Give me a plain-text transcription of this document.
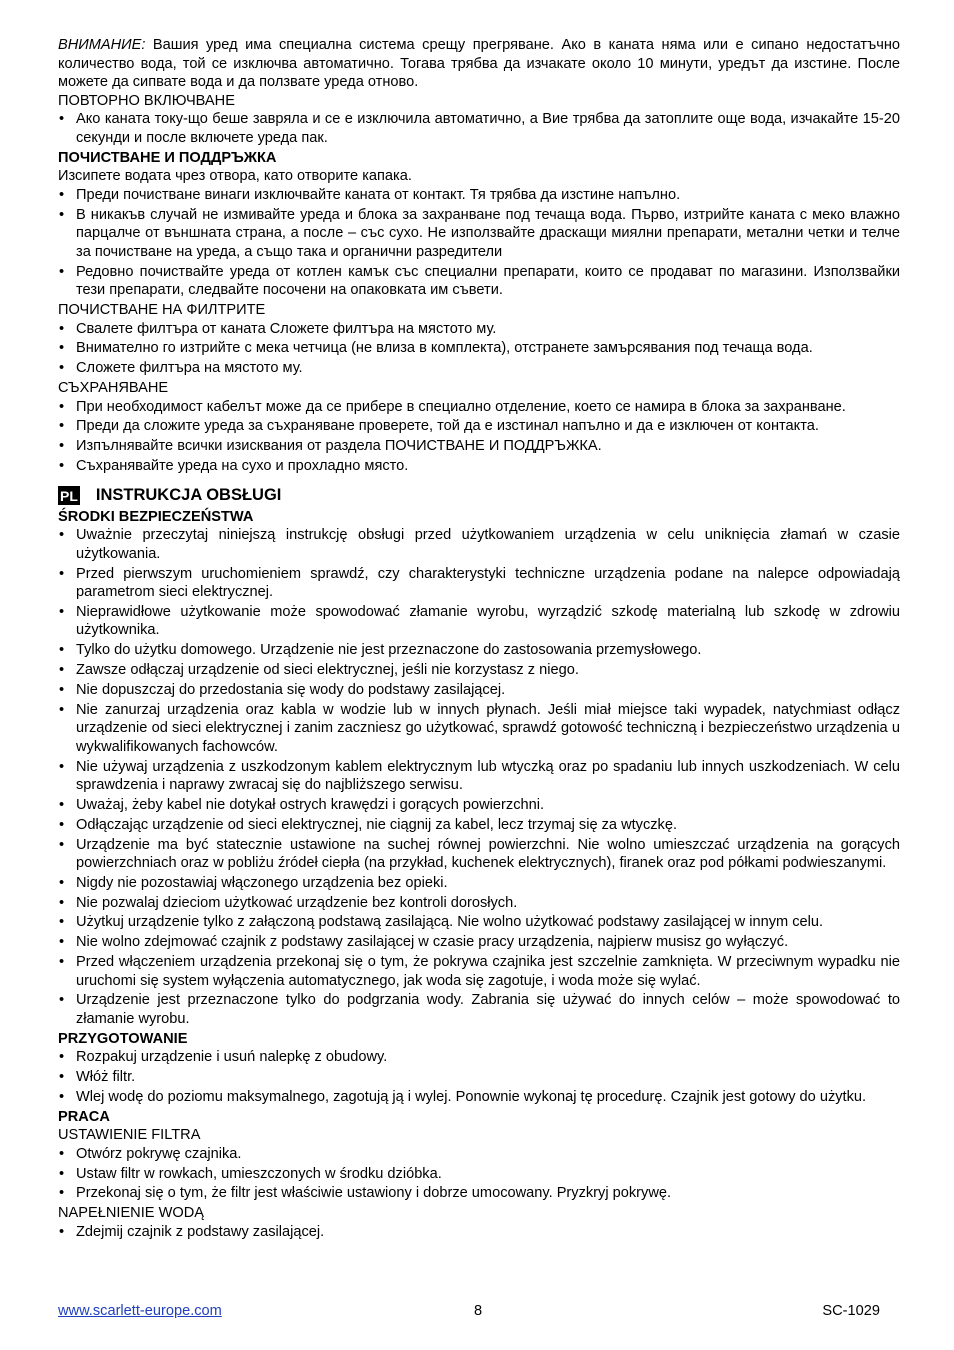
ВНИМАНИЕ: Вашия уред има специална система срещу прегряване. Ако в каната няма или е сипано недостатъчно количество вода, той се изключва автоматично. Тогава трябва да изчакате около 10 минути, уредът да изстине. После можете да сипвате вода и да ползвате уреда отново.

ПОВТОРНО ВКЛЮЧВАНЕ

• Ако каната току-що беше завряла и се е изключила автоматично, а Вие трябва да затоплите още вода, изчакайте 15-20 секунди и после включете уреда пак.

ПОЧИСТВАНЕ И ПОДДРЪЖКА

Изсипете водата чрез отвора, като отворите капака.

• Преди почистване винаги изключвайте каната от контакт. Тя трябва да изстине напълно.
• В никакъв случай не измивайте уреда и блока за захранване под течаща вода. Първо, изтрийте каната с меко влажно парцалче от външната страна, а после – със сухо. Не използвайте драскащи миялни препарати, метални четки и телче за почистване на уреда, а също така и органични разредители
• Редовно почиствайте уреда от котлен камък със специални препарати, които се продават по магазини. Използвайки тези препарати, следвайте посочени на опаковката им съвети.

ПОЧИСТВАНЕ НА ФИЛТРИТЕ

• Свалете филтъра от каната Сложете филтъра на мястото му.
• Внимателно го изтрийте с мека четчица (не влиза в комплекта), отстранете замърсявания под течаща вода.
• Сложете филтъра на мястото му.

СЪХРАНЯВАНЕ

• При необходимост кабелът може да се прибере в специално отделение, което се намира в блока за захранване.
• Преди да сложите уреда за съхраняване проверете, той да е изстинал напълно и да е изключен от контакта.
• Изпълнявайте всички изисквания от раздела ПОЧИСТВАНЕ И ПОДДРЪЖКА.
• Съхранявайте уреда на сухо и прохладно място.
PL INSTRUKCJA OBSŁUGI

ŚRODKI BEZPIECZEŃSTWA

• Uważnie przeczytaj niniejszą instrukcję obsługi przed użytkowaniem urządzenia w celu uniknięcia złamań w czasie użytkowania.
• Przed pierwszym uruchomieniem sprawdź, czy charakterystyki techniczne urządzenia podane na nalepce odpowiadają parametrom sieci elektrycznej.
• Nieprawidłowe użytkowanie może spowodować złamanie wyrobu, wyrządzić szkodę materialną lub szkodę w zdrowiu użytkownika.
• Tylko do użytku domowego. Urządzenie nie jest przeznaczone do zastosowania przemysłowego.
• Zawsze odłączaj urządzenie od sieci elektrycznej, jeśli nie korzystasz z niego.
• Nie dopuszczaj do przedostania się wody do podstawy zasilającej.
• Nie zanurzaj urządzenia oraz kabla w wodzie lub w innych płynach. Jeśli miał miejsce taki wypadek, natychmiast odłącz urządzenie od sieci elektrycznej i zanim zaczniesz go użytkować, sprawdź gotowość techniczną i bezpieczeństwo urządzenia u wykwalifikowanych fachowców.
• Nie używaj urządzenia z uszkodzonym kablem elektrycznym lub wtyczką oraz po spadaniu lub innych uszkodzeniach. W celu sprawdzenia i naprawy zwracaj się do najbliższego serwisu.
• Uważaj, żeby kabel nie dotykał ostrych krawędzi i gorących powierzchni.
• Odłączając urządzenie od sieci elektrycznej, nie ciągnij za kabel, lecz trzymaj się za wtyczkę.
• Urządzenie ma być statecznie ustawione na suchej równej powierzchni. Nie wolno umieszczać urządzenia na gorących powierzchniach oraz w pobliżu źródeł ciepła (na przykład, kuchenek elektrycznych), firanek oraz pod półkami podwieszanymi.
• Nigdy nie pozostawiaj włączonego urządzenia bez opieki.
• Nie pozwalaj dzieciom użytkować urządzenie bez kontroli dorosłych.
• Użytkuj urządzenie tylko z załączoną podstawą zasilającą. Nie wolno użytkować podstawy zasilającej w innym celu.
• Nie wolno zdejmować czajnik z podstawy zasilającej w czasie pracy urządzenia, najpierw musisz go wyłączyć.
• Przed włączeniem urządzenia przekonaj się o tym, że pokrywa czajnika jest szczelnie zamknięta. W przeciwnym wypadku nie uruchomi się system wyłączenia automatycznego, jak woda się zagotuje, i woda może się wylać.
• Urządzenie jest przeznaczone tylko do podgrzania wody. Zabrania się używać do innych celów – może spowodować to złamanie wyrobu.

PRZYGOTOWANIE

• Rozpakuj urządzenie i usuń nalepkę z obudowy.
• Włóż filtr.
• Wlej wodę do poziomu maksymalnego, zagotują ją i wylej. Ponownie wykonaj tę procedurę. Czajnik jest gotowy do użytku.

PRACA

USTAWIENIE FILTRA

• Otwórz pokrywę czajnika.
• Ustaw filtr w rowkach, umieszczonych w środku dzióbka.
• Przekonaj się o tym, że filtr jest właściwie ustawiony i dobrze umocowany. Pryzkryj pokrywę.

NAPEŁNIENIE WODĄ

• Zdejmij czajnik z podstawy zasilającej.
www.scarlett-europe.com	8	SC-1029
